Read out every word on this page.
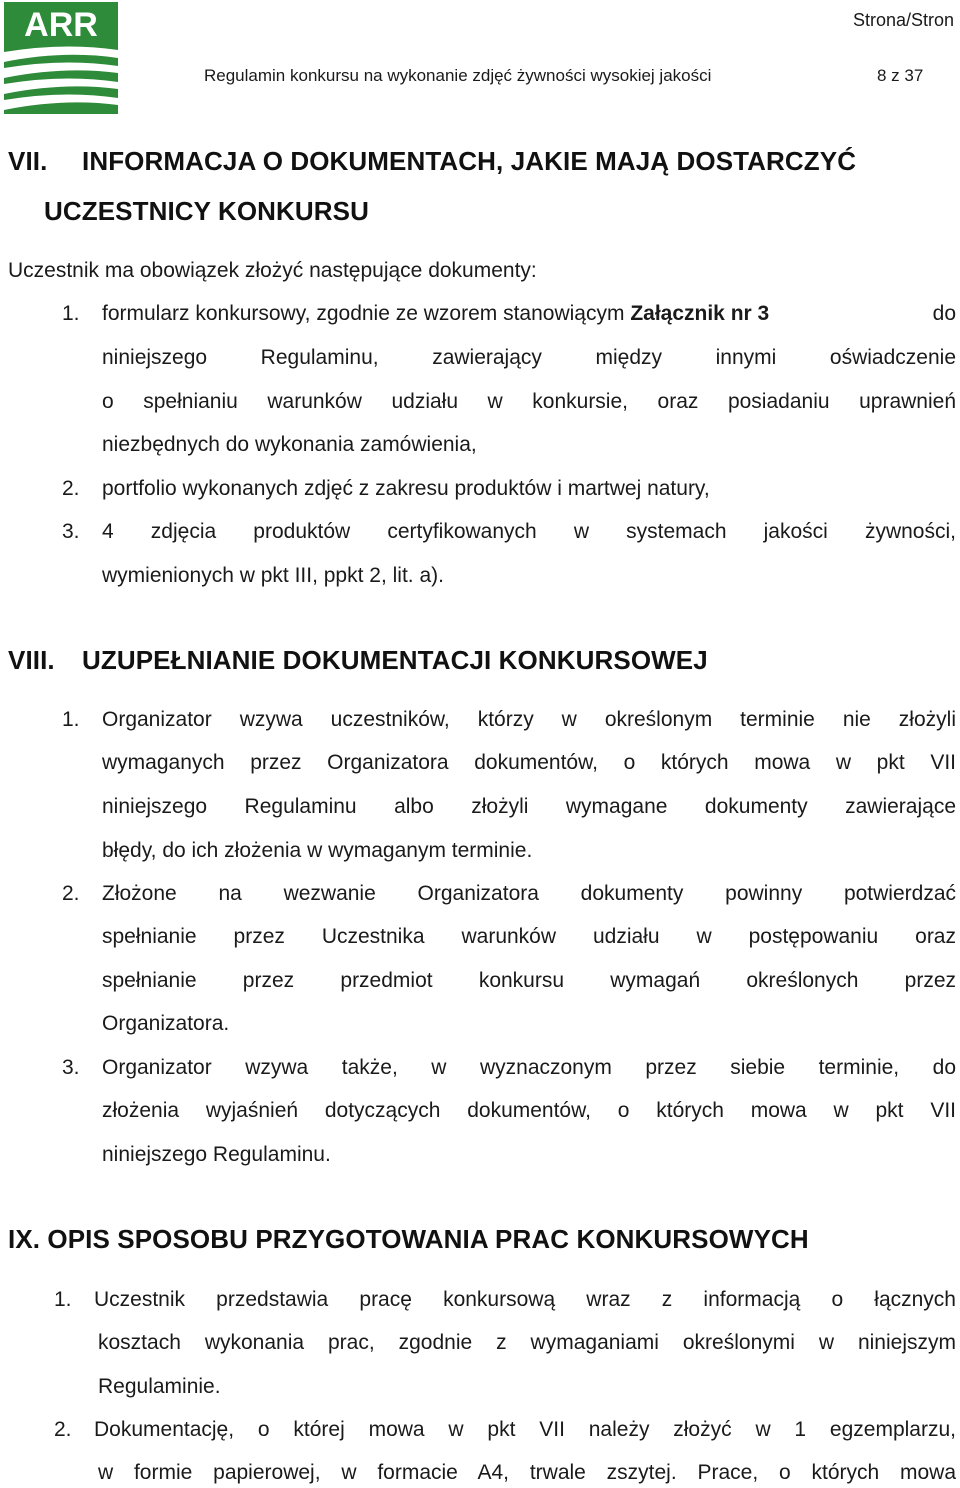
ARR	Strona/Stron
Regulamin konkursu na wykonanie zdjęć żywności wysokiej jakości	8 z 37
VII. INFORMACJA O DOKUMENTACH, JAKIE MAJĄ DOSTARCZYĆ
UCZESTNICY KONKURSU
Uczestnik ma obowiązek złożyć następujące dokumenty:
1. formularz konkursowy, zgodnie ze wzorem stanowiącym Załącznik nr 3	do
niniejszego Regulaminu, zawierający między innymi oświadczenie
o spełnianiu warunków udziału w konkursie, oraz posiadaniu uprawnień
niezbędnych do wykonania zamówienia,
2. portfolio wykonanych zdjęć z zakresu produktów i martwej natury,
3. 4 zdjęcia produktów certyfikowanych w systemach jakości żywności,
wymienionych w pkt III, ppkt 2, lit. a).
VIII. UZUPEŁNIANIE DOKUMENTACJI KONKURSOWEJ
1. Organizator wzywa uczestników, którzy w określonym terminie nie złożyli
wymaganych przez Organizatora dokumentów, o których mowa w pkt VII
niniejszego Regulaminu albo złożyli wymagane dokumenty zawierające
błędy, do ich złożenia w wymaganym terminie.
2. Złożone na wezwanie Organizatora dokumenty powinny potwierdzać
spełnianie przez Uczestnika warunków udziału w postępowaniu oraz
spełnianie przez przedmiot konkursu wymagań określonych przez
Organizatora.
3. Organizator wzywa także, w wyznaczonym przez siebie terminie, do
złożenia wyjaśnień dotyczących dokumentów, o których mowa w pkt VII
niniejszego Regulaminu.
IX. OPIS SPOSOBU PRZYGOTOWANIA PRAC KONKURSOWYCH
1. Uczestnik przedstawia pracę konkursową wraz z informacją o łącznych
kosztach wykonania prac, zgodnie z wymaganiami określonymi w niniejszym
Regulaminie.
2. Dokumentację, o której mowa w pkt VII należy złożyć w 1 egzemplarzu,
w formie papierowej, w formacie A4, trwale zszytej. Prace, o których mowa
